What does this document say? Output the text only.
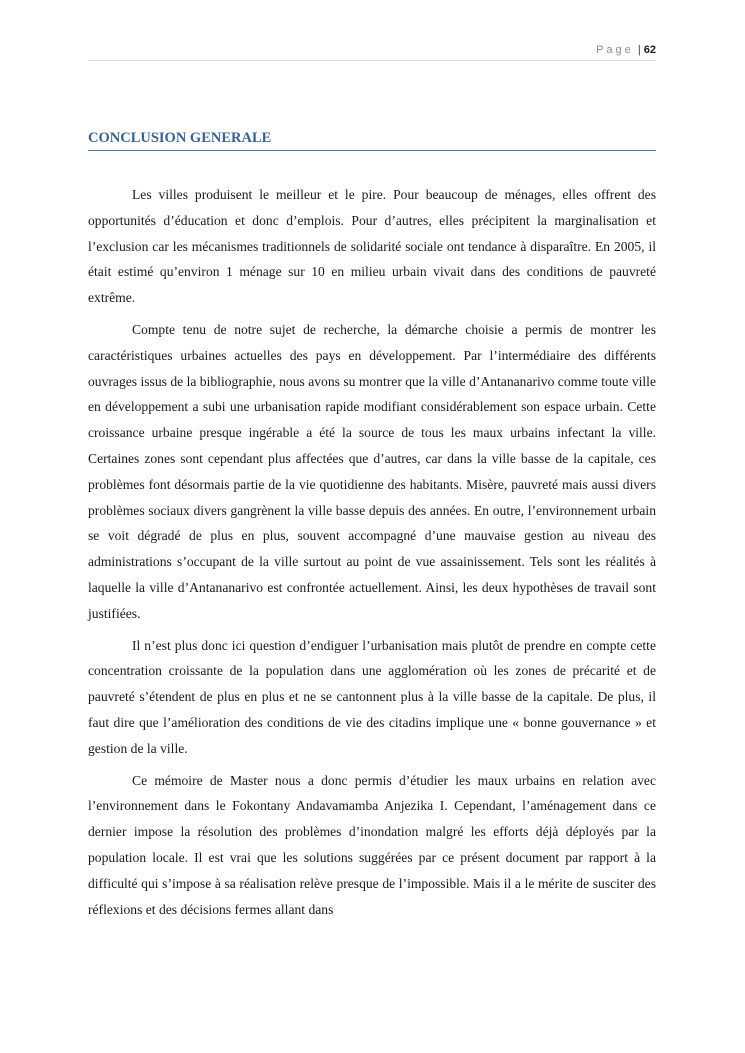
Page | 62
CONCLUSION GENERALE

Les villes produisent le meilleur et le pire. Pour beaucoup de ménages, elles offrent des opportunités d’éducation et donc d’emplois. Pour d’autres, elles précipitent la marginalisation et l’exclusion car les mécanismes traditionnels de solidarité sociale ont tendance à disparaître. En 2005, il était estimé qu’environ 1 ménage sur 10 en milieu urbain vivait dans des conditions de pauvreté extrême.

Compte tenu de notre sujet de recherche, la démarche choisie a permis de montrer les caractéristiques urbaines actuelles des pays en développement. Par l’intermédiaire des différents ouvrages issus de la bibliographie, nous avons su montrer que la ville d’Antananarivo comme toute ville en développement a subi une urbanisation rapide modifiant considérablement son espace urbain. Cette croissance urbaine presque ingérable a été la source de tous les maux urbains infectant la ville. Certaines zones sont cependant plus affectées que d’autres, car dans la ville basse de la capitale, ces problèmes font désormais partie de la vie quotidienne des habitants. Misère, pauvreté mais aussi divers problèmes sociaux divers gangrènent la ville basse depuis des années. En outre, l’environnement urbain se voit dégradé de plus en plus, souvent accompagné d’une mauvaise gestion au niveau des administrations s’occupant de la ville surtout au point de vue assainissement. Tels sont les réalités à laquelle la ville d’Antananarivo est confrontée actuellement. Ainsi, les deux hypothèses de travail sont justifiées.

Il n’est plus donc ici question d’endiguer l’urbanisation mais plutôt de prendre en compte cette concentration croissante de la population dans une agglomération où les zones de précarité et de pauvreté s’étendent de plus en plus et ne se cantonnent plus à la ville basse de la capitale. De plus, il faut dire que l’amélioration des conditions de vie des citadins implique une « bonne gouvernance » et gestion de la ville.

Ce mémoire de Master nous a donc permis d’étudier les maux urbains en relation avec l’environnement dans le Fokontany Andavamamba Anjezika I. Cependant, l’aménagement dans ce dernier impose la résolution des problèmes d’inondation malgré les efforts déjà déployés par la population locale. Il est vrai que les solutions suggérées par ce présent document par rapport à la difficulté qui s’impose à sa réalisation relève presque de l’impossible. Mais il a le mérite de susciter des réflexions et des décisions fermes allant dans
